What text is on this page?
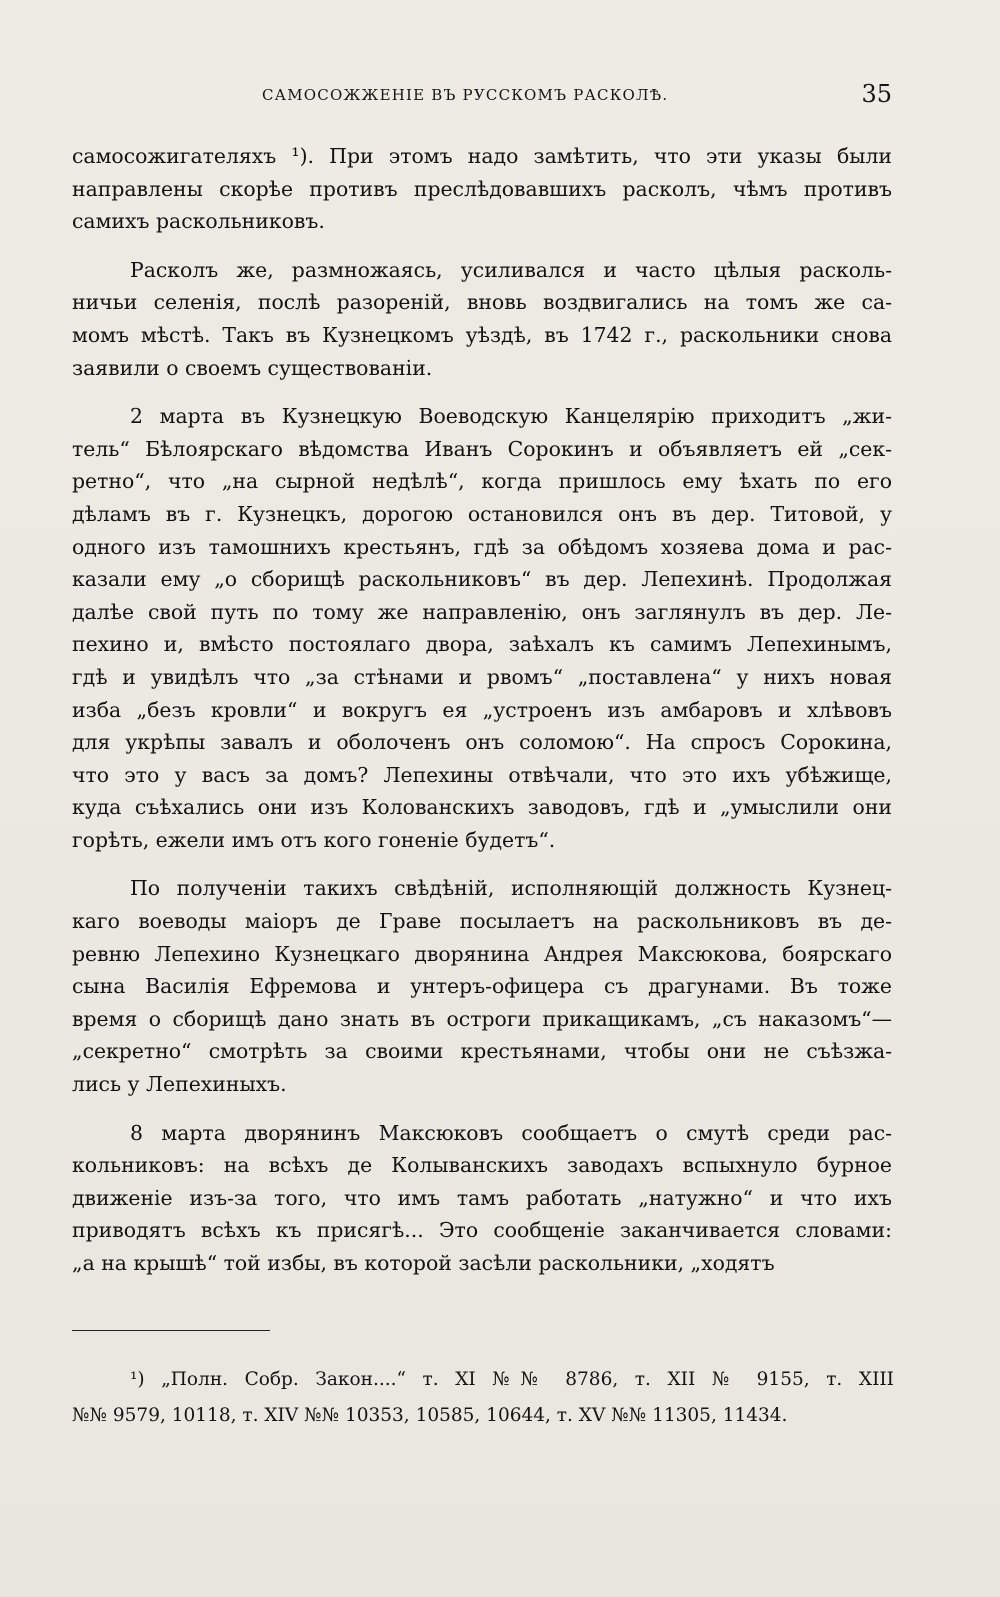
САМОСОЖЖЕНІЕ ВЪ РУССКОМЪ РАСКОЛѢ.	35
самосожигателяхъ ¹). При этомъ надо замѣтить, что эти указы были
направлены скорѣе противъ преслѣдовавшихъ расколъ, чѣмъ противъ
самихъ раскольниковъ.
Расколъ же, размножаясь, усиливался и часто цѣлыя расколь-
ничьи селенія, послѣ разореній, вновь воздвигались на томъ же са-
момъ мѣстѣ. Такъ въ Кузнецкомъ уѣздѣ, въ 1742 г., раскольники снова
заявили о своемъ существованіи.
2 марта въ Кузнецкую Воеводскую Канцелярію приходитъ „жи-
тель“ Бѣлоярскаго вѣдомства Иванъ Сорокинъ и объявляетъ ей „сек-
ретно“, что „на сырной недѣлѣ“, когда пришлось ему ѣхать по его
дѣламъ въ г. Кузнецкъ, дорогою остановился онъ въ дер. Титовой, у
одного изъ тамошнихъ крестьянъ, гдѣ за обѣдомъ хозяева дома и рас-
казали ему „о сборищѣ раскольниковъ“ въ дер. Лепехинѣ. Продолжая
далѣе свой путь по тому же направленію, онъ заглянулъ въ дер. Ле-
пехино и, вмѣсто постоялаго двора, заѣхалъ къ самимъ Лепехинымъ,
гдѣ и увидѣлъ что „за стѣнами и рвомъ“ „поставлена“ у нихъ новая
изба „безъ кровли“ и вокругъ ея „устроенъ изъ амбаровъ и хлѣвовъ
для укрѣпы завалъ и оболоченъ онъ соломою“. На спросъ Сорокина,
что это у васъ за домъ? Лепехины отвѣчали, что это ихъ убѣжище,
куда съѣхались они изъ Колованскихъ заводовъ, гдѣ и „умыслили они
горѣть, ежели имъ отъ кого гоненіе будетъ“.
По полученіи такихъ свѣдѣній, исполняющій должность Кузнец-
каго воеводы маіоръ де Граве посылаетъ на раскольниковъ въ де-
ревню Лепехино Кузнецкаго дворянина Андрея Максюкова, боярскаго
сына Василія Ефремова и унтеръ-офицера съ драгунами. Въ тоже
время о сборищѣ дано знать въ остроги прикащикамъ, „съ наказомъ“—
„секретно“ смотрѣть за своими крестьянами, чтобы они не съѣзжа-
лись у Лепехиныхъ.
8 марта дворянинъ Максюковъ сообщаетъ о смутѣ среди рас-
кольниковъ: на всѣхъ де Колыванскихъ заводахъ вспыхнуло бурное
движеніе изъ-за того, что имъ тамъ работать „натужно“ и что ихъ
приводятъ всѣхъ къ присягѣ... Это сообщеніе заканчивается словами:
„а на крышѣ“ той избы, въ которой засѣли раскольники, „ходятъ
¹) „Полн. Собр. Закон....“ т. XI №№ 8786, т. XII № 9155, т. XIII
№№ 9579, 10118, т. XIV №№ 10353, 10585, 10644, т. XV №№ 11305, 11434.
